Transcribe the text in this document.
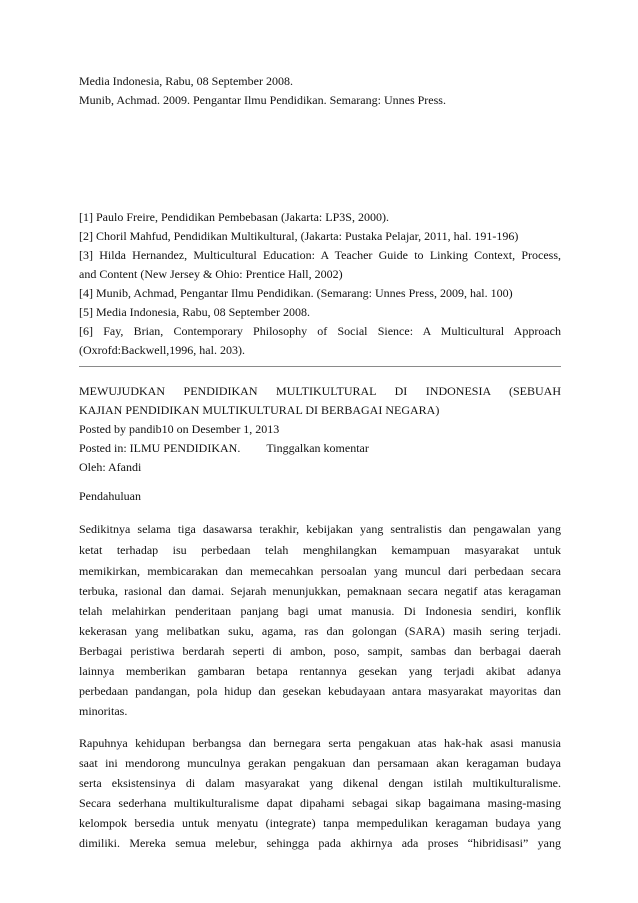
Media Indonesia, Rabu, 08 September 2008.
Munib, Achmad. 2009. Pengantar Ilmu Pendidikan. Semarang: Unnes Press.
[1] Paulo Freire, Pendidikan Pembebasan (Jakarta: LP3S, 2000).
[2] Choril Mahfud, Pendidikan Multikultural, (Jakarta: Pustaka Pelajar, 2011, hal. 191-196)
[3] Hilda Hernandez, Multicultural Education: A Teacher Guide to Linking Context, Process,
and Content (New Jersey & Ohio: Prentice Hall, 2002)
[4] Munib, Achmad, Pengantar Ilmu Pendidikan. (Semarang: Unnes Press, 2009, hal. 100)
[5] Media Indonesia, Rabu, 08 September 2008.
[6] Fay, Brian, Contemporary Philosophy of Social Sience: A Multicultural Approach
(Oxrofd:Backwell,1996, hal. 203).
MEWUJUDKAN PENDIDIKAN MULTIKULTURAL DI INDONESIA (SEBUAH
KAJIAN PENDIDIKAN MULTIKULTURAL DI BERBAGAI NEGARA)
Posted by pandib10 on Desember 1, 2013
Posted in: ILMU PENDIDIKAN. Tinggalkan komentar
Oleh: Afandi
Pendahuluan
Sedikitnya selama tiga dasawarsa terakhir, kebijakan yang sentralistis dan pengawalan yang
ketat terhadap isu perbedaan telah menghilangkan kemampuan masyarakat untuk
memikirkan, membicarakan dan memecahkan persoalan yang muncul dari perbedaan secara
terbuka, rasional dan damai. Sejarah menunjukkan, pemaknaan secara negatif atas keragaman
telah melahirkan penderitaan panjang bagi umat manusia. Di Indonesia sendiri, konflik
kekerasan yang melibatkan suku, agama, ras dan golongan (SARA) masih sering terjadi.
Berbagai peristiwa berdarah seperti di ambon, poso, sampit, sambas dan berbagai daerah
lainnya memberikan gambaran betapa rentannya gesekan yang terjadi akibat adanya
perbedaan pandangan, pola hidup dan gesekan kebudayaan antara masyarakat mayoritas dan
minoritas.
Rapuhnya kehidupan berbangsa dan bernegara serta pengakuan atas hak-hak asasi manusia
saat ini mendorong munculnya gerakan pengakuan dan persamaan akan keragaman budaya
serta eksistensinya di dalam masyarakat yang dikenal dengan istilah multikulturalisme.
Secara sederhana multikulturalisme dapat dipahami sebagai sikap bagaimana masing-masing
kelompok bersedia untuk menyatu (integrate) tanpa mempedulikan keragaman budaya yang
dimiliki. Mereka semua melebur, sehingga pada akhirnya ada proses “hibridisasi” yang
